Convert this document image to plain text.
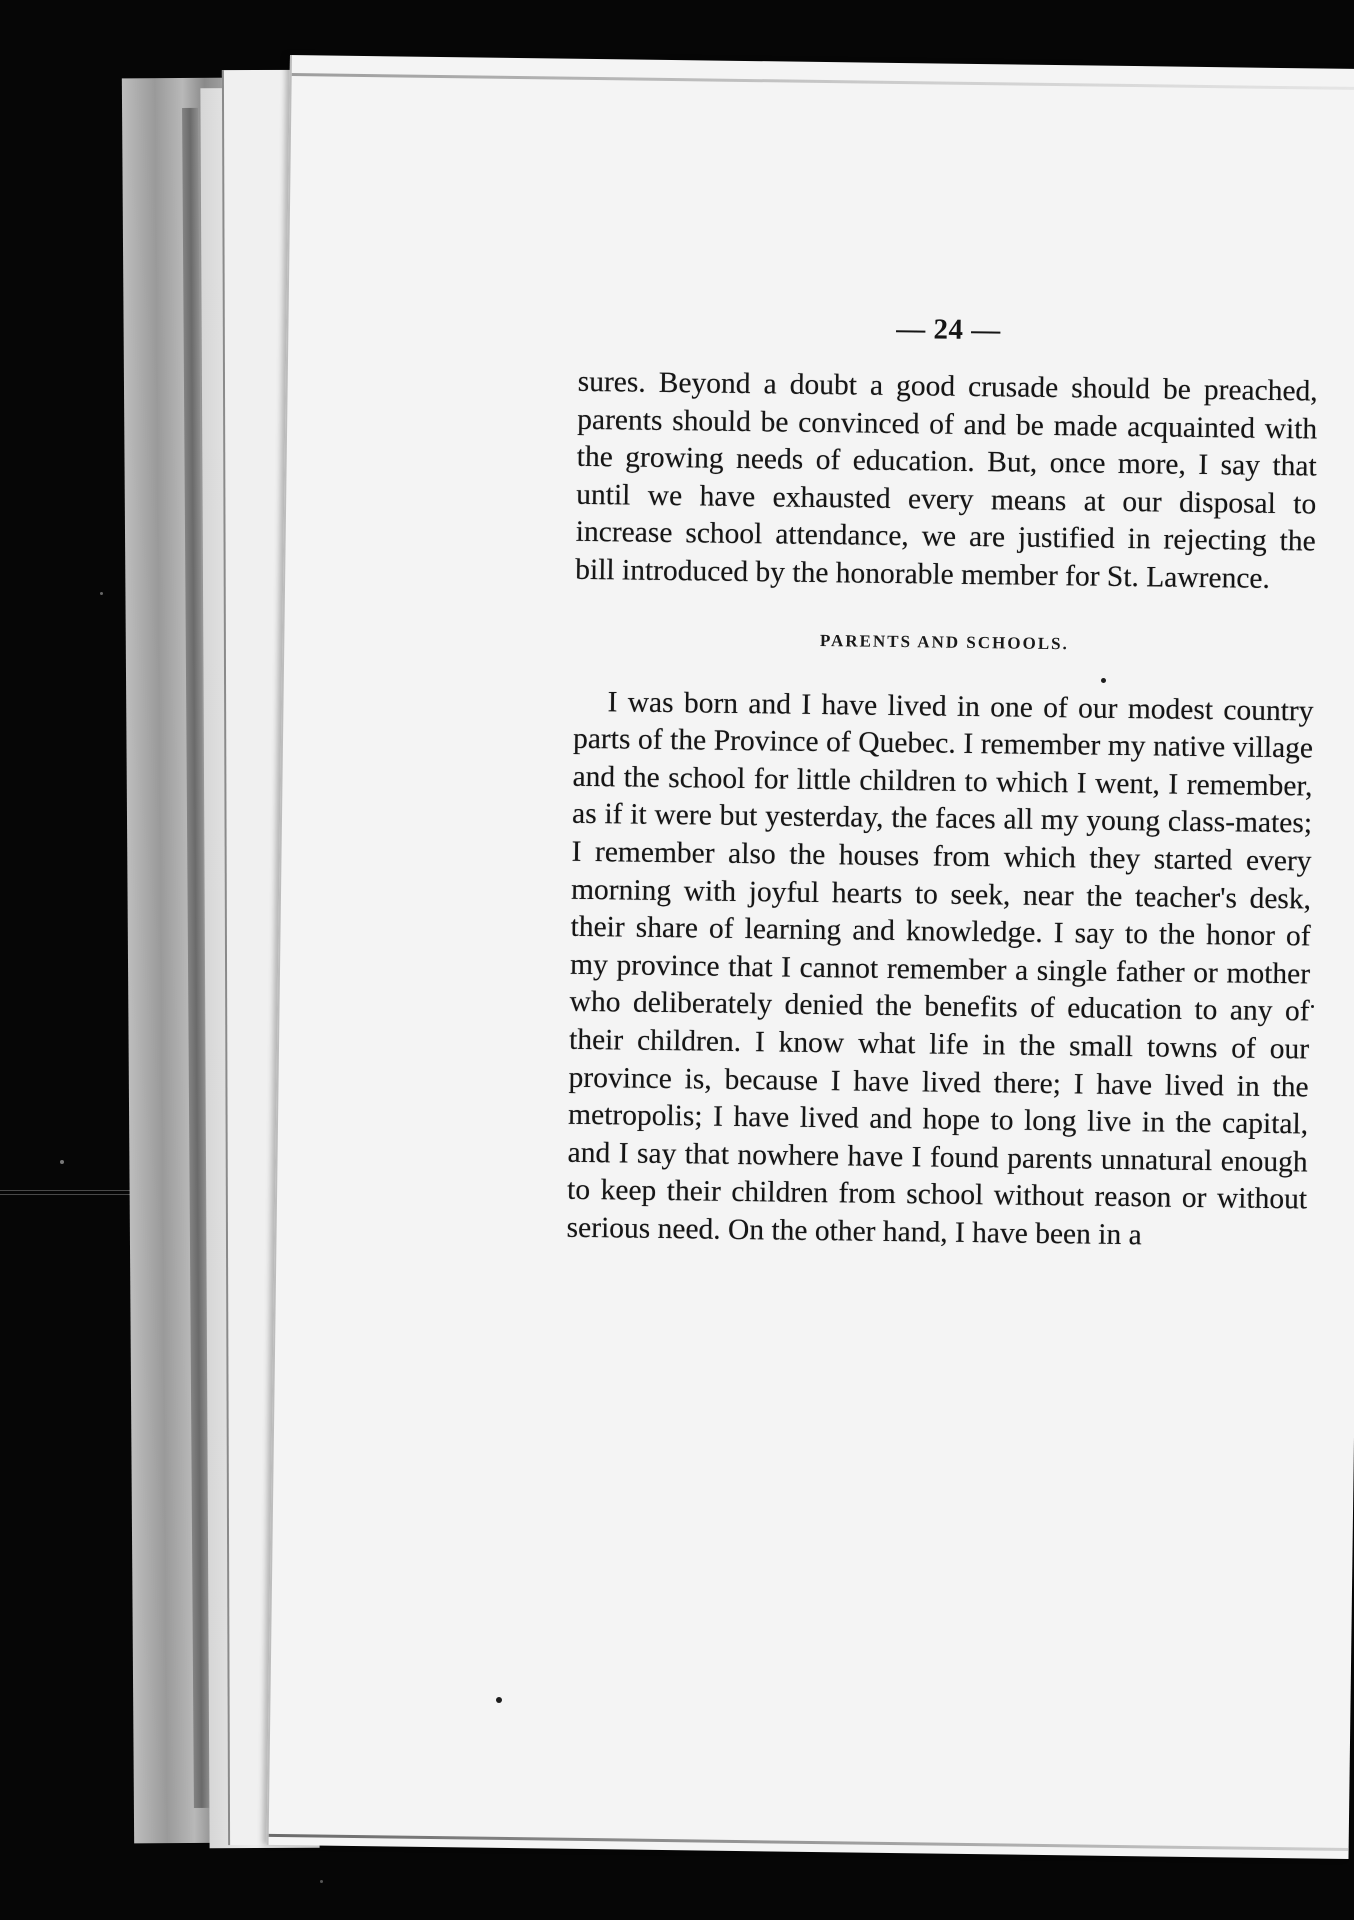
— 24 —

sures. Beyond a doubt a good crusade should be preached, parents should be convinced of and be made acquainted with the growing needs of education. But, once more, I say that until we have exhausted every means at our disposal to increase school attendance, we are justified in rejecting the bill introduced by the honorable member for St. Lawrence.

PARENTS AND SCHOOLS.

I was born and I have lived in one of our modest country parts of the Province of Quebec. I remember my native village and the school for little children to which I went, I remember, as if it were but yesterday, the faces all my young class-mates; I remember also the houses from which they started every morning with joyful hearts to seek, near the teacher's desk, their share of learning and knowledge. I say to the honor of my province that I cannot remember a single father or mother who deliberately denied the benefits of education to any of their children. I know what life in the small towns of our province is, because I have lived there; I have lived in the metropolis; I have lived and hope to long live in the capital, and I say that nowhere have I found parents unnatural enough to keep their children from school without reason or without serious need. On the other hand, I have been in a
